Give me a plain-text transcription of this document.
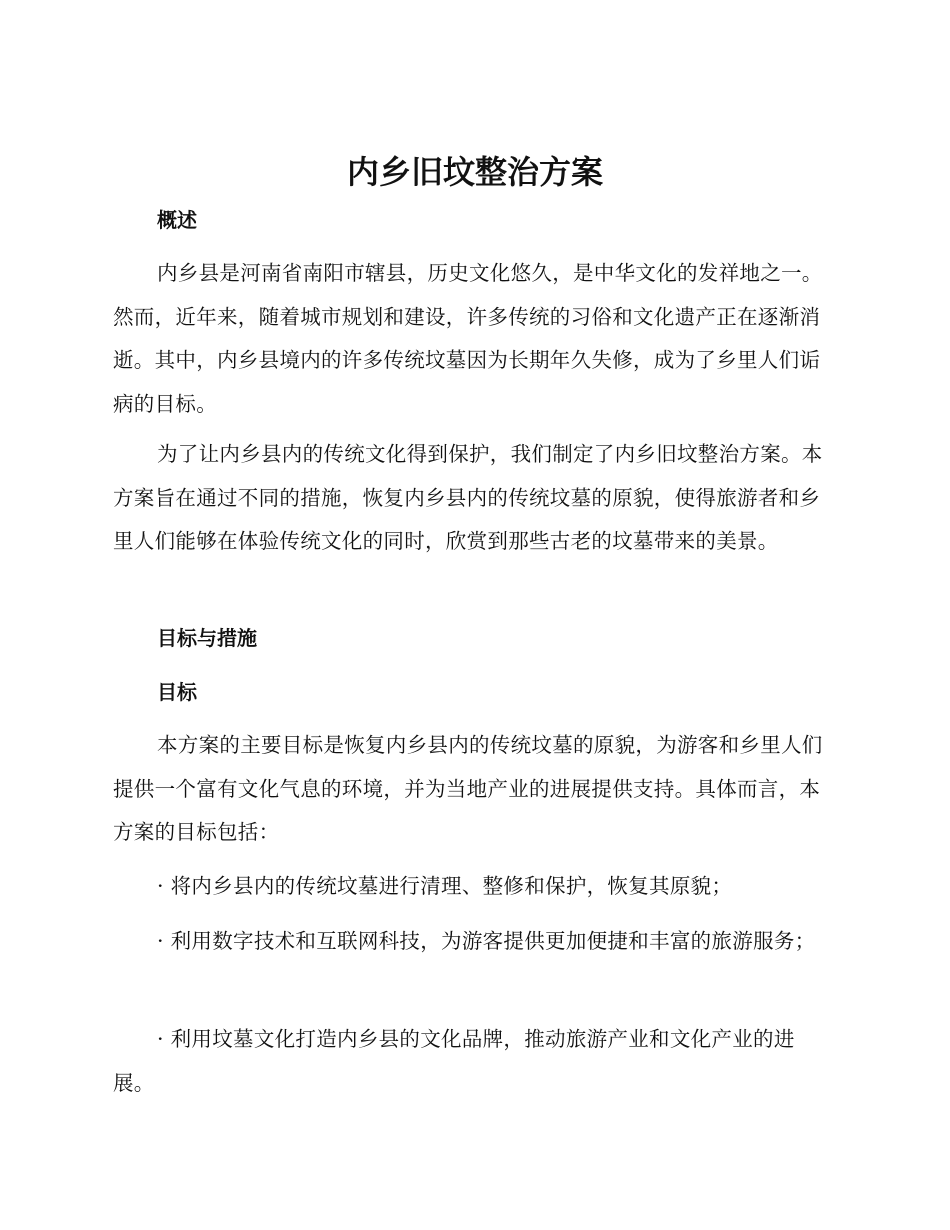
内乡旧坟整治方案
概述

内乡县是河南省南阳市辖县，历史文化悠久，是中华文化的发祥地之一。然而，近年来，随着城市规划和建设，许多传统的习俗和文化遗产正在逐渐消逝。其中，内乡县境内的许多传统坟墓因为长期年久失修，成为了乡里人们诟病的目标。

为了让内乡县内的传统文化得到保护，我们制定了内乡旧坟整治方案。本方案旨在通过不同的措施，恢复内乡县内的传统坟墓的原貌，使得旅游者和乡里人们能够在体验传统文化的同时，欣赏到那些古老的坟墓带来的美景。

目标与措施
目标

本方案的主要目标是恢复内乡县内的传统坟墓的原貌，为游客和乡里人们提供一个富有文化气息的环境，并为当地产业的进展提供支持。具体而言，本方案的目标包括：

· 将内乡县内的传统坟墓进行清理、整修和保护，恢复其原貌；

· 利用数字技术和互联网科技，为游客提供更加便捷和丰富的旅游服务；

· 利用坟墓文化打造内乡县的文化品牌，推动旅游产业和文化产业的进展。
